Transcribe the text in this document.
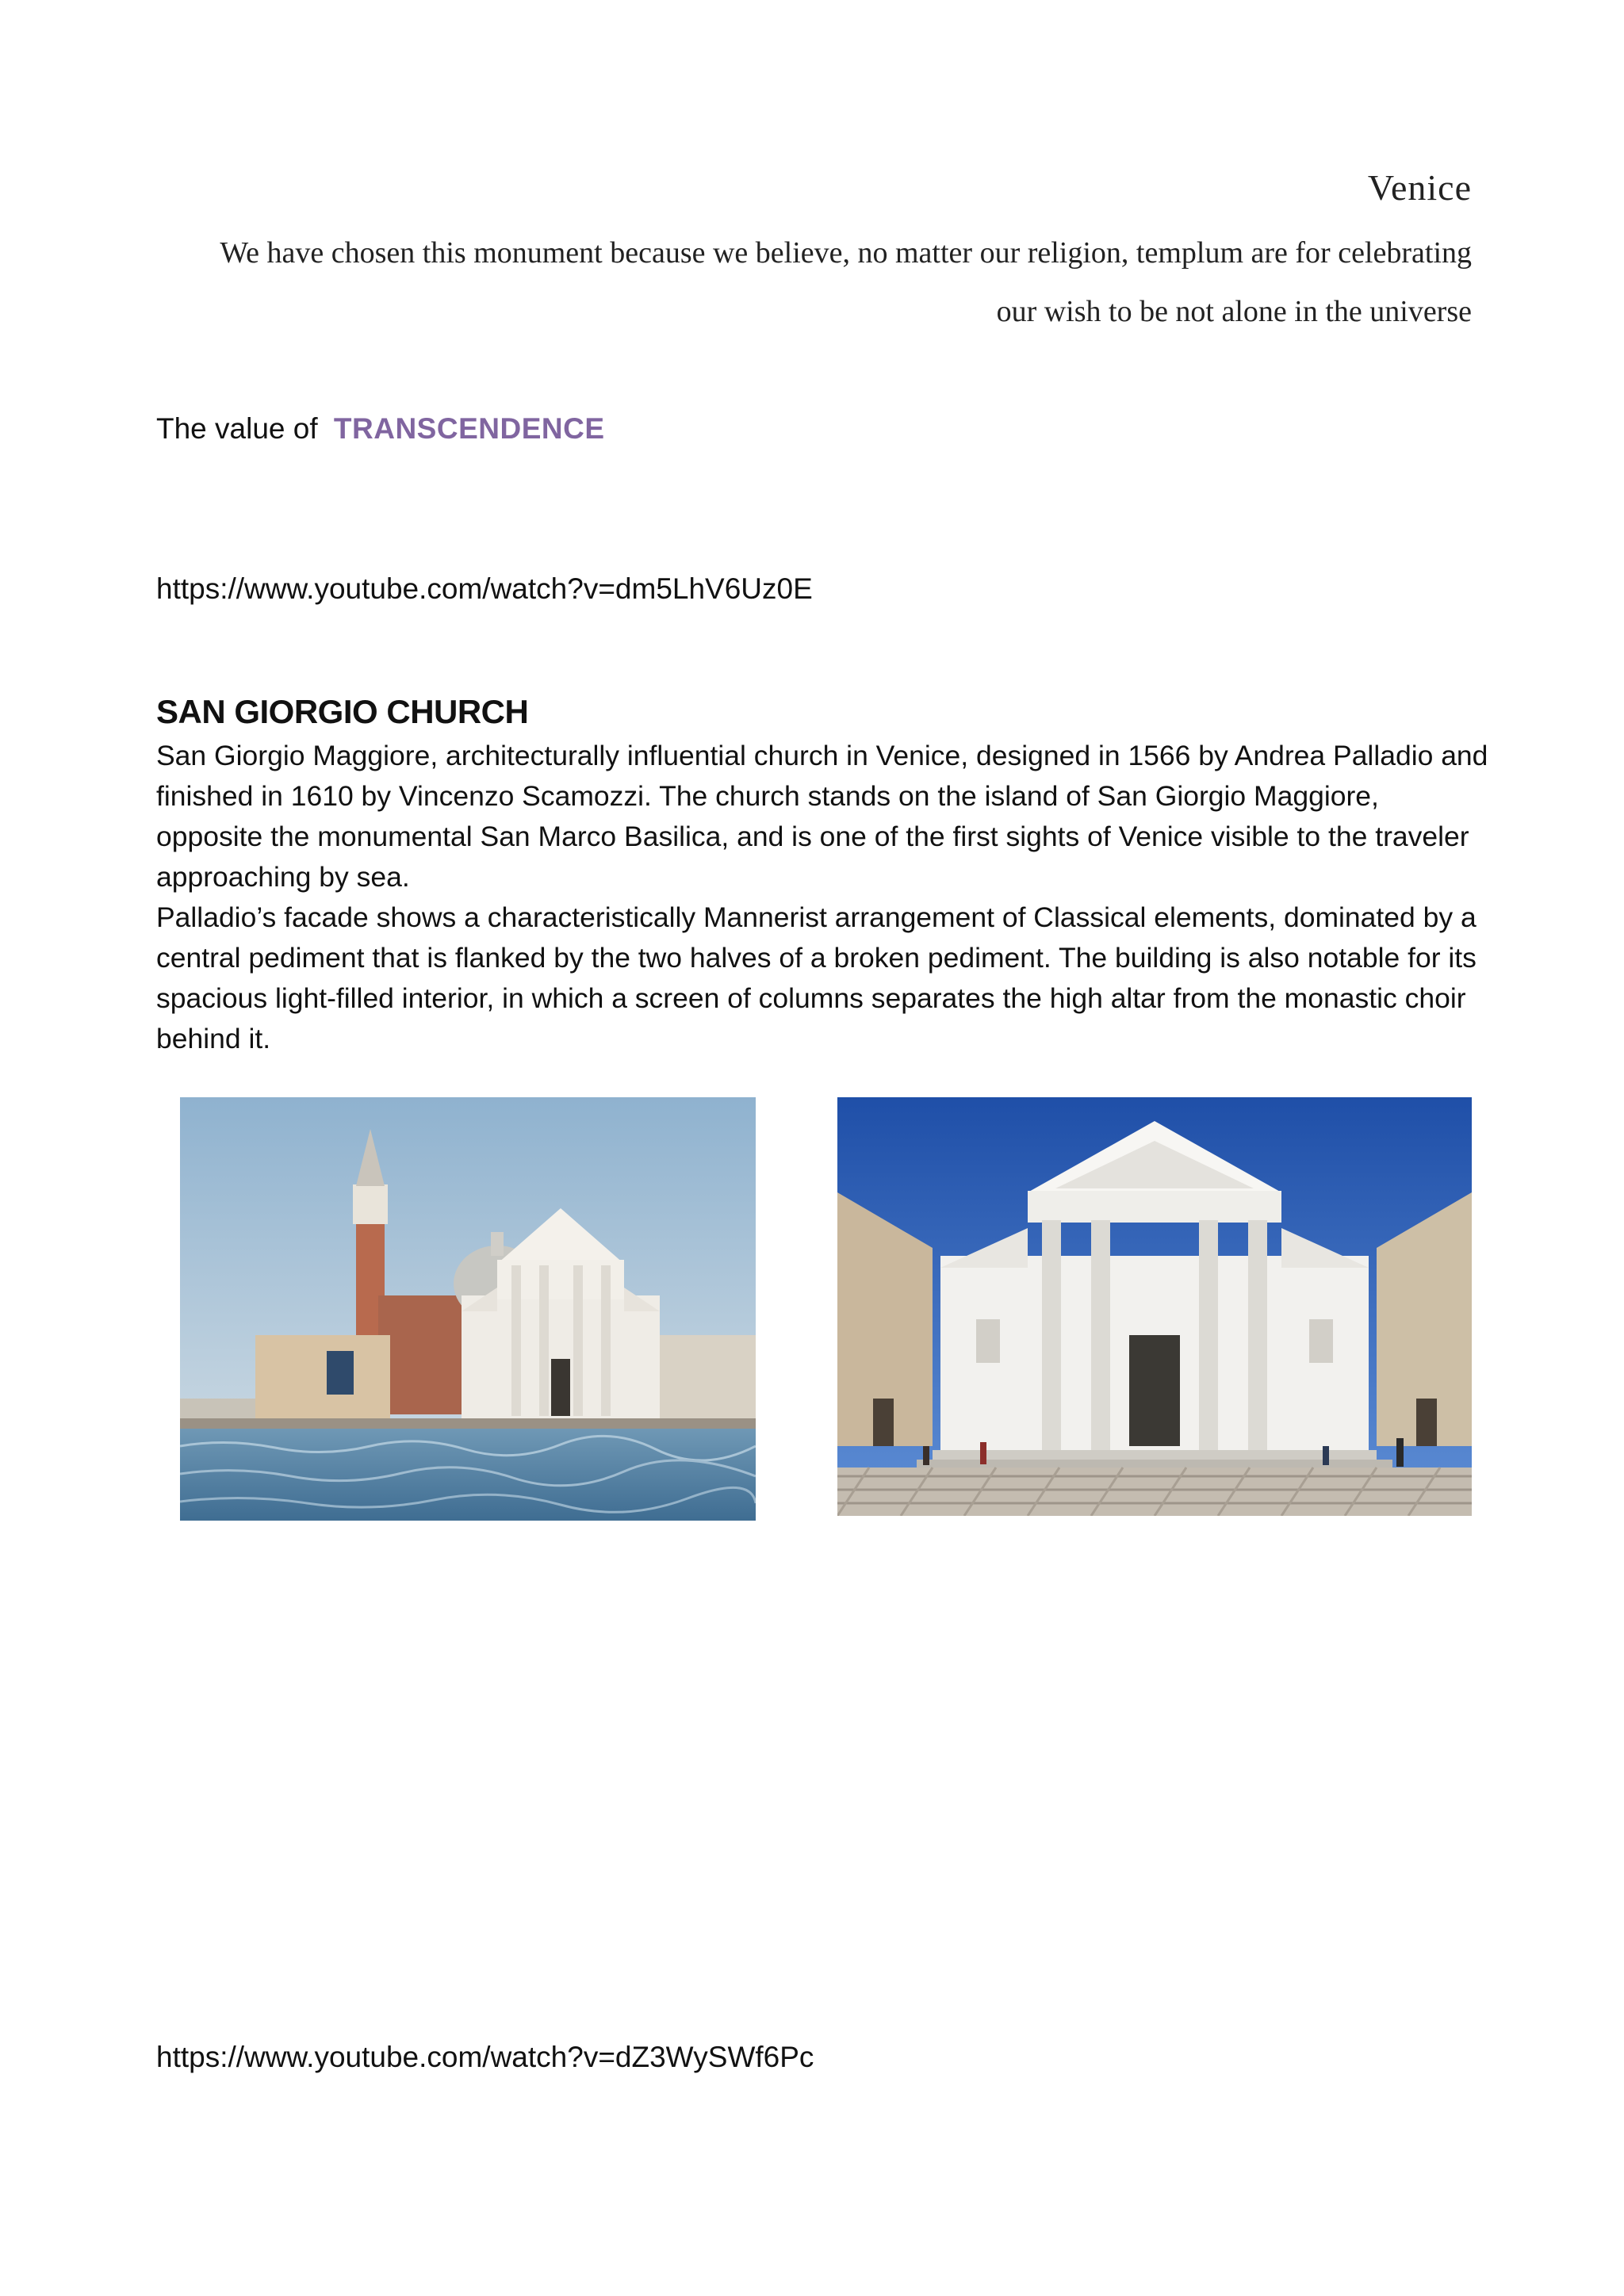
Venice
We have chosen this monument because we believe, no matter our religion, templum are for celebrating our wish to be not alone in the universe
The value of TRANSCENDENCE
https://www.youtube.com/watch?v=dm5LhV6Uz0E
SAN GIORGIO CHURCH

San Giorgio Maggiore, architecturally influential church in Venice, designed in 1566 by Andrea Palladio and finished in 1610 by Vincenzo Scamozzi. The church stands on the island of San Giorgio Maggiore, opposite the monumental San Marco Basilica, and is one of the first sights of Venice visible to the traveler approaching by sea.

Palladio’s facade shows a characteristically Mannerist arrangement of Classical elements, dominated by a central pediment that is flanked by the two halves of a broken pediment. The building is also notable for its spacious light-filled interior, in which a screen of columns separates the high altar from the monastic choir behind it.

https://www.youtube.com/watch?v=dZ3WySWf6Pc
